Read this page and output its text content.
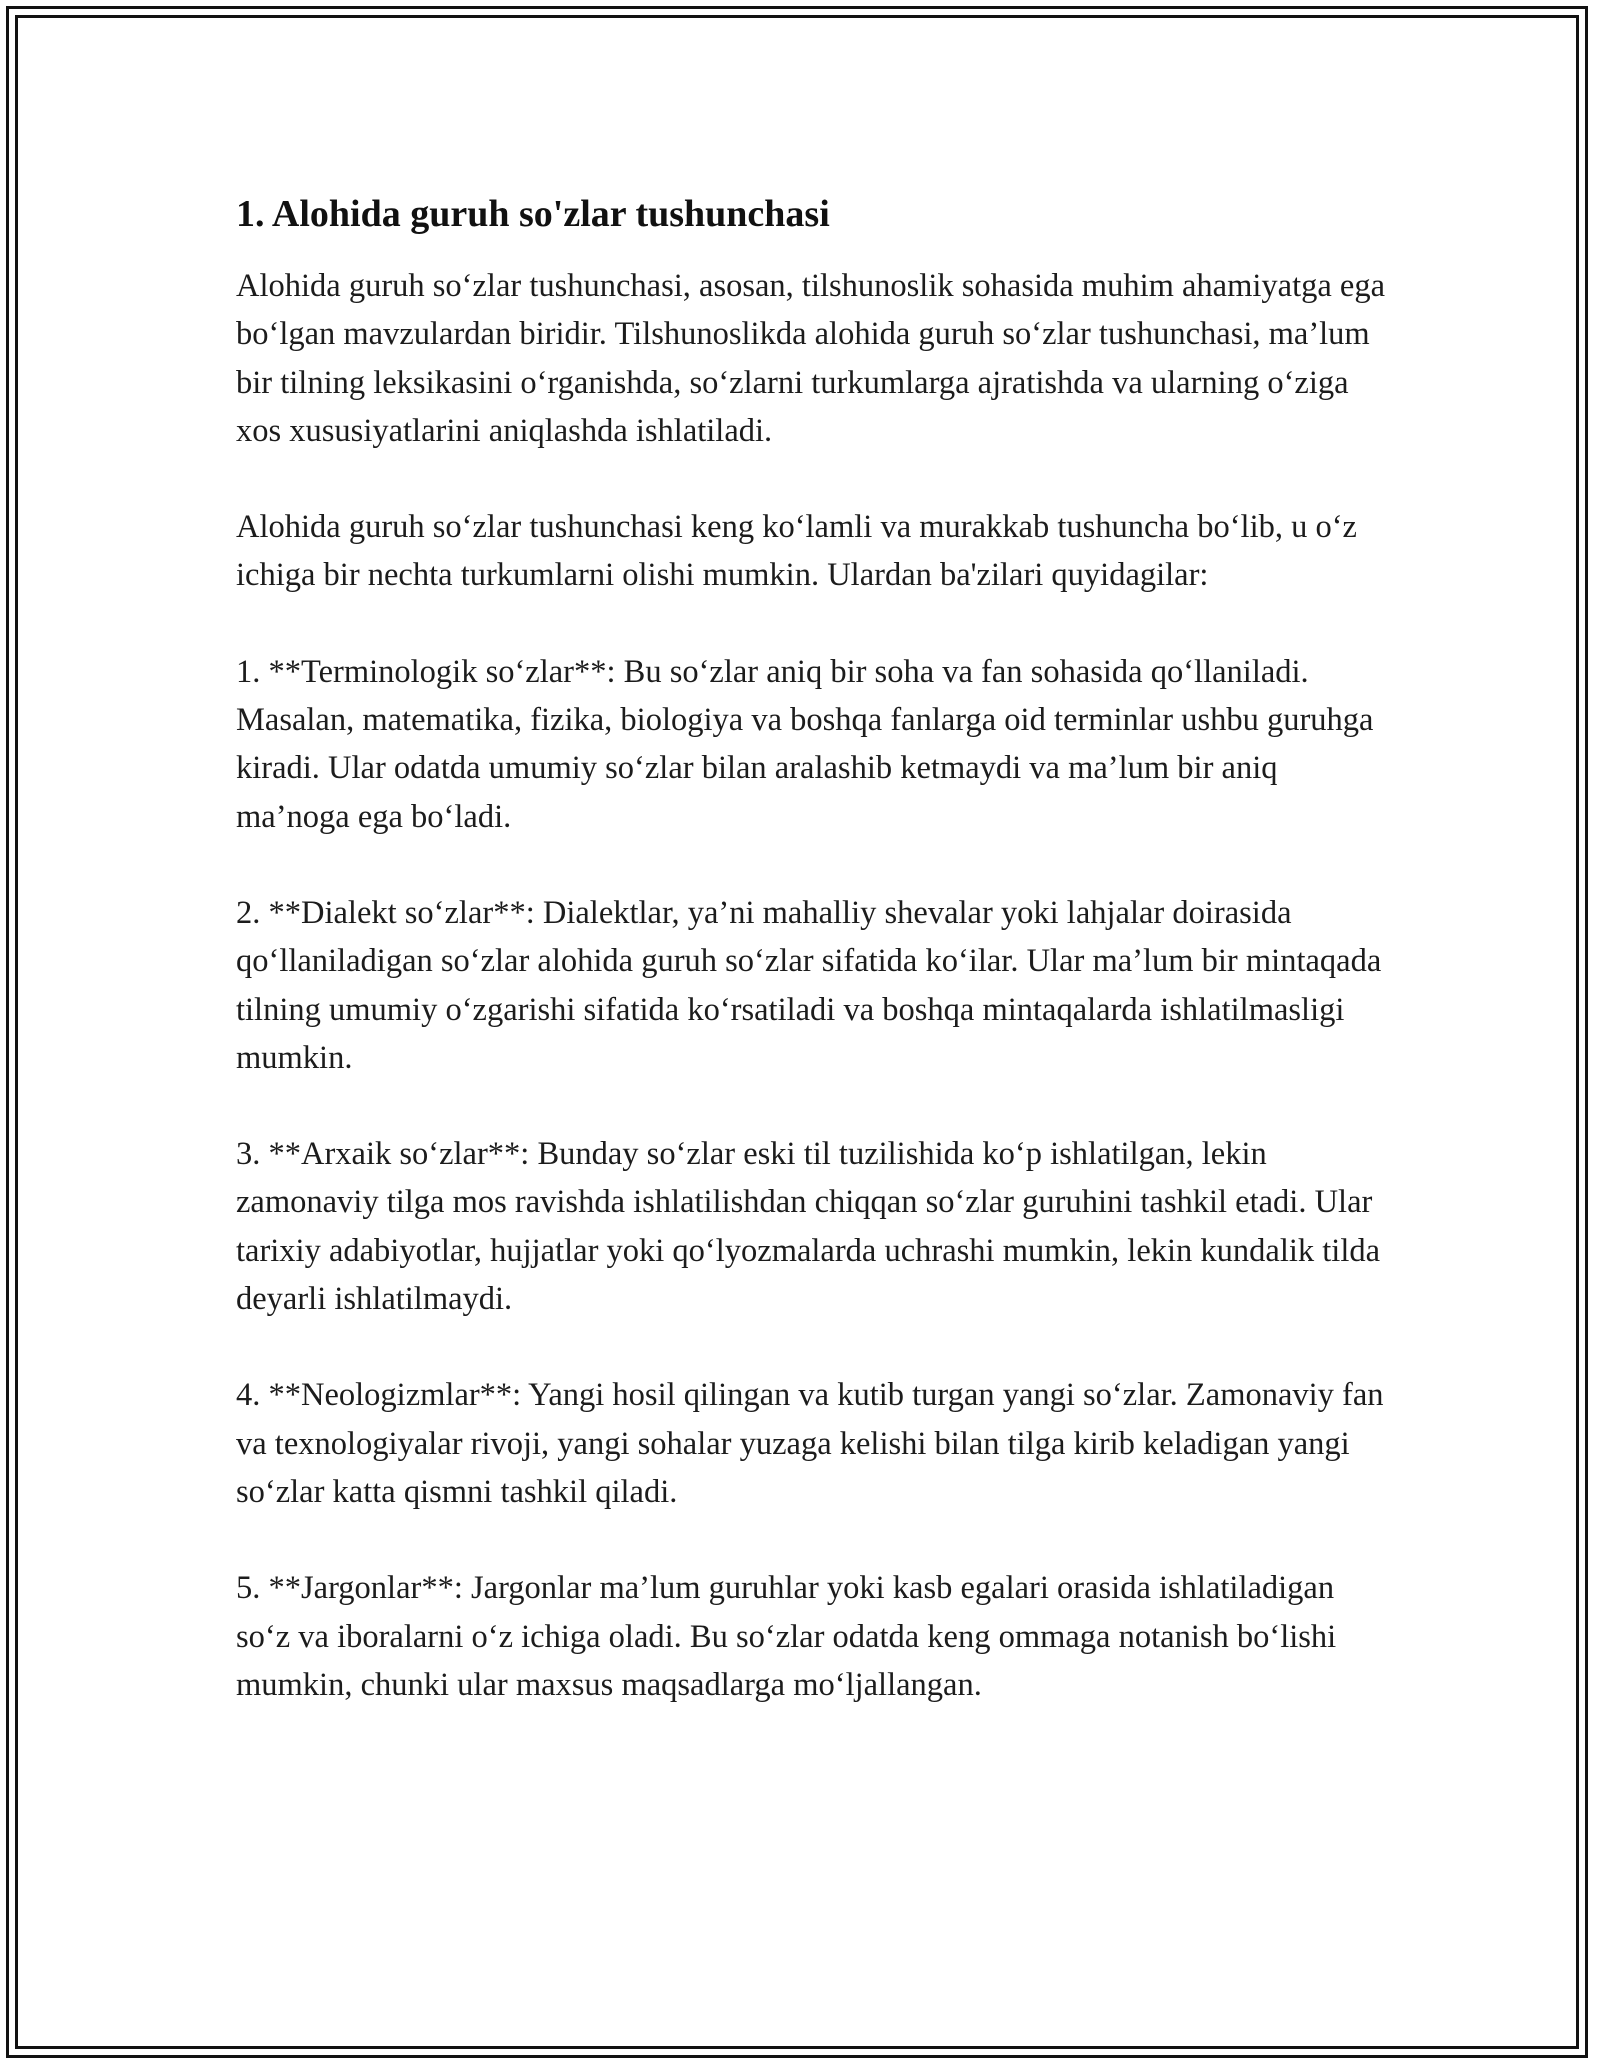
1. Alohida guruh so'zlar tushunchasi

Alohida guruh so‘zlar tushunchasi, asosan, tilshunoslik sohasida muhim ahamiyatga ega bo‘lgan mavzulardan biridir. Tilshunoslikda alohida guruh so‘zlar tushunchasi, ma’lum bir tilning leksikasini o‘rganishda, so‘zlarni turkumlarga ajratishda va ularning o‘ziga xos xususiyatlarini aniqlashda ishlatiladi.

Alohida guruh so‘zlar tushunchasi keng ko‘lamli va murakkab tushuncha bo‘lib, u o‘z ichiga bir nechta turkumlarni olishi mumkin. Ulardan ba'zilari quyidagilar:

1. **Terminologik so‘zlar**: Bu so‘zlar aniq bir soha va fan sohasida qo‘llaniladi. Masalan, matematika, fizika, biologiya va boshqa fanlarga oid terminlar ushbu guruhga kiradi. Ular odatda umumiy so‘zlar bilan aralashib ketmaydi va ma’lum bir aniq ma’noga ega bo‘ladi.

2. **Dialekt so‘zlar**: Dialektlar, ya’ni mahalliy shevalar yoki lahjalar doirasida qo‘llaniladigan so‘zlar alohida guruh so‘zlar sifatida ko‘ilar. Ular ma’lum bir mintaqada tilning umumiy o‘zgarishi sifatida ko‘rsatiladi va boshqa mintaqalarda ishlatilmasligi mumkin.

3. **Arxaik so‘zlar**: Bunday so‘zlar eski til tuzilishida ko‘p ishlatilgan, lekin zamonaviy tilga mos ravishda ishlatilishdan chiqqan so‘zlar guruhini tashkil etadi. Ular tarixiy adabiyotlar, hujjatlar yoki qo‘lyozmalarda uchrashi mumkin, lekin kundalik tilda deyarli ishlatilmaydi.

4. **Neologizmlar**: Yangi hosil qilingan va kutib turgan yangi so‘zlar. Zamonaviy fan va texnologiyalar rivoji, yangi sohalar yuzaga kelishi bilan tilga kirib keladigan yangi so‘zlar katta qismni tashkil qiladi.

5. **Jargonlar**: Jargonlar ma’lum guruhlar yoki kasb egalari orasida ishlatiladigan so‘z va iboralarni o‘z ichiga oladi. Bu so‘zlar odatda keng ommaga notanish bo‘lishi mumkin, chunki ular maxsus maqsadlarga mo‘ljallangan.
